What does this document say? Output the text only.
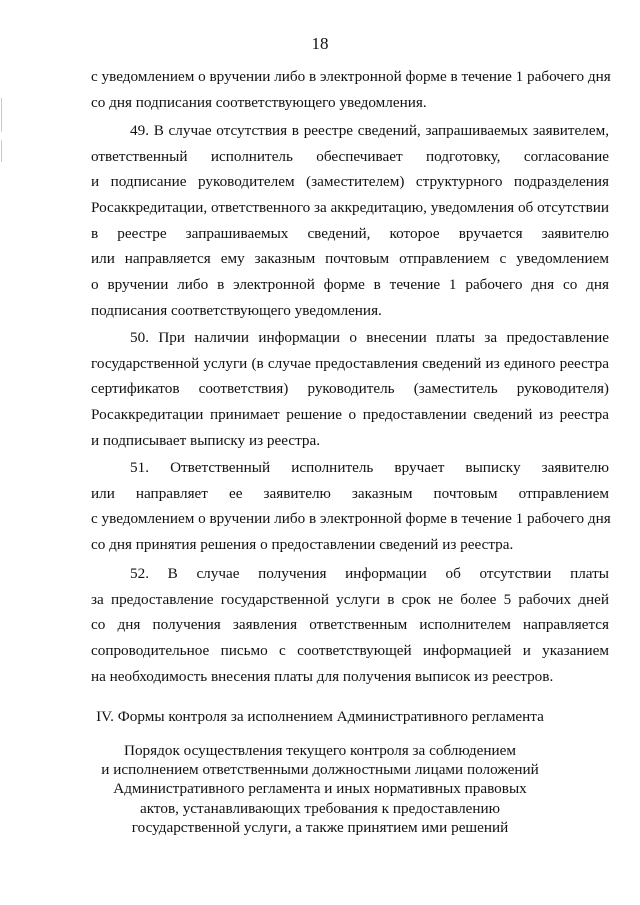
18
с уведомлением о вручении либо в электронной форме в течение 1 рабочего дня
со дня подписания соответствующего уведомления.
49. В случае отсутствия в реестре сведений, запрашиваемых заявителем,
ответственный исполнитель обеспечивает подготовку, согласование
и подписание руководителем (заместителем) структурного подразделения
Росаккредитации, ответственного за аккредитацию, уведомления об отсутствии
в реестре запрашиваемых сведений, которое вручается заявителю
или направляется ему заказным почтовым отправлением с уведомлением
о вручении либо в электронной форме в течение 1 рабочего дня со дня
подписания соответствующего уведомления.
50. При наличии информации о внесении платы за предоставление
государственной услуги (в случае предоставления сведений из единого реестра
сертификатов соответствия) руководитель (заместитель руководителя)
Росаккредитации принимает решение о предоставлении сведений из реестра
и подписывает выписку из реестра.
51. Ответственный исполнитель вручает выписку заявителю
или направляет ее заявителю заказным почтовым отправлением
с уведомлением о вручении либо в электронной форме в течение 1 рабочего дня
со дня принятия решения о предоставлении сведений из реестра.
52. В случае получения информации об отсутствии платы
за предоставление государственной услуги в срок не более 5 рабочих дней
со дня получения заявления ответственным исполнителем направляется
сопроводительное письмо с соответствующей информацией и указанием
на необходимость внесения платы для получения выписок из реестров.
IV. Формы контроля за исполнением Административного регламента
Порядок осуществления текущего контроля за соблюдением
и исполнением ответственными должностными лицами положений
Административного регламента и иных нормативных правовых
актов, устанавливающих требования к предоставлению
государственной услуги, а также принятием ими решений
